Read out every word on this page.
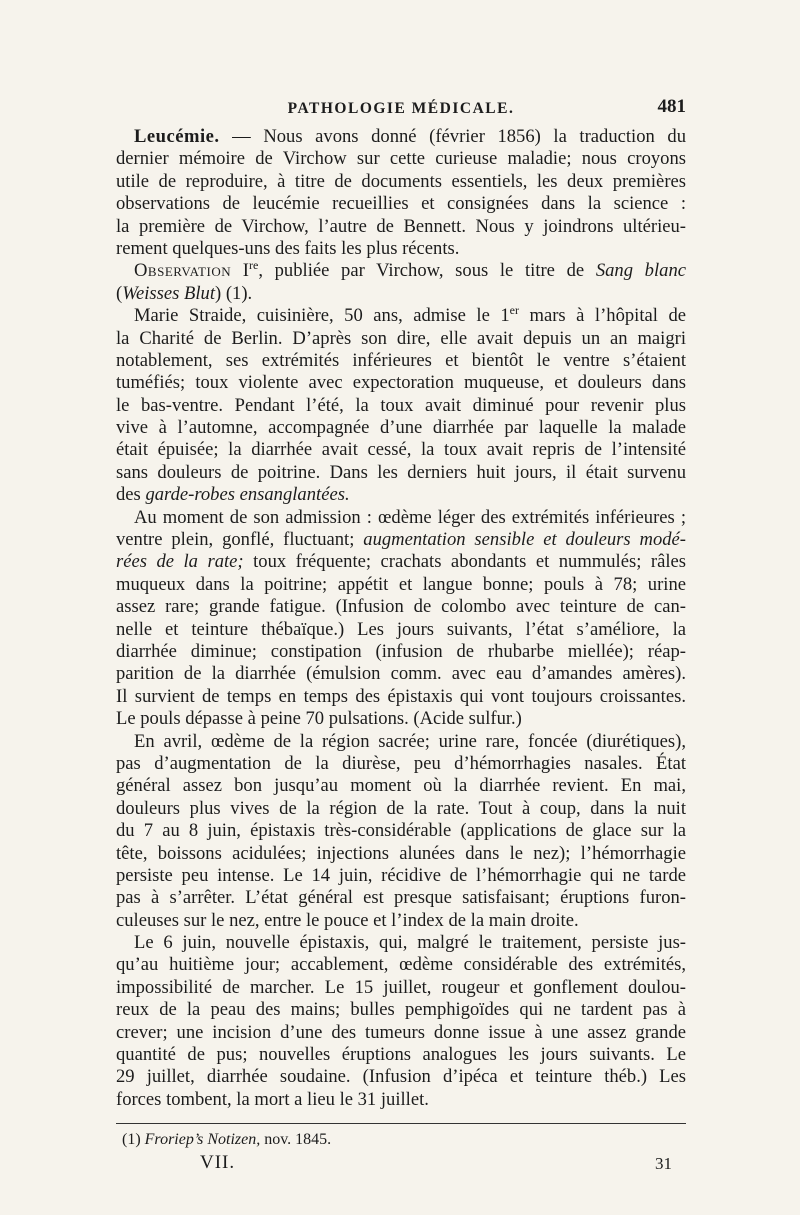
PATHOLOGIE MÉDICALE.	481
Leucémie. — Nous avons donné (février 1856) la traduction du
dernier mémoire de Virchow sur cette curieuse maladie; nous croyons
utile de reproduire, à titre de documents essentiels, les deux premières
observations de leucémie recueillies et consignées dans la science :
la première de Virchow, l’autre de Bennett. Nous y joindrons ultérieu-
rement quelques-uns des faits les plus récents.
Observation Ire, publiée par Virchow, sous le titre de Sang blanc
(Weisses Blut) (1).
Marie Straide, cuisinière, 50 ans, admise le 1er mars à l’hôpital de
la Charité de Berlin. D’après son dire, elle avait depuis un an maigri
notablement, ses extrémités inférieures et bientôt le ventre s’étaient
tuméfiés; toux violente avec expectoration muqueuse, et douleurs dans
le bas-ventre. Pendant l’été, la toux avait diminué pour revenir plus
vive à l’automne, accompagnée d’une diarrhée par laquelle la malade
était épuisée; la diarrhée avait cessé, la toux avait repris de l’intensité
sans douleurs de poitrine. Dans les derniers huit jours, il était survenu
des garde-robes ensanglantées.
Au moment de son admission : œdème léger des extrémités inférieures ;
ventre plein, gonflé, fluctuant; augmentation sensible et douleurs modé-
rées de la rate; toux fréquente; crachats abondants et nummulés; râles
muqueux dans la poitrine; appétit et langue bonne; pouls à 78; urine
assez rare; grande fatigue. (Infusion de colombo avec teinture de can-
nelle et teinture thébaïque.) Les jours suivants, l’état s’améliore, la
diarrhée diminue; constipation (infusion de rhubarbe miellée); réap-
parition de la diarrhée (émulsion comm. avec eau d’amandes amères).
Il survient de temps en temps des épistaxis qui vont toujours croissantes.
Le pouls dépasse à peine 70 pulsations. (Acide sulfur.)
En avril, œdème de la région sacrée; urine rare, foncée (diurétiques),
pas d’augmentation de la diurèse, peu d’hémorrhagies nasales. État
général assez bon jusqu’au moment où la diarrhée revient. En mai,
douleurs plus vives de la région de la rate. Tout à coup, dans la nuit
du 7 au 8 juin, épistaxis très-considérable (applications de glace sur la
tête, boissons acidulées; injections alunées dans le nez); l’hémorrhagie
persiste peu intense. Le 14 juin, récidive de l’hémorrhagie qui ne tarde
pas à s’arrêter. L’état général est presque satisfaisant; éruptions furon-
culeuses sur le nez, entre le pouce et l’index de la main droite.
Le 6 juin, nouvelle épistaxis, qui, malgré le traitement, persiste jus-
qu’au huitième jour; accablement, œdème considérable des extrémités,
impossibilité de marcher. Le 15 juillet, rougeur et gonflement doulou-
reux de la peau des mains; bulles pemphigoïdes qui ne tardent pas à
crever; une incision d’une des tumeurs donne issue à une assez grande
quantité de pus; nouvelles éruptions analogues les jours suivants. Le
29 juillet, diarrhée soudaine. (Infusion d’ipéca et teinture théb.) Les
forces tombent, la mort a lieu le 31 juillet.
(1) Froriep’s Notizen, nov. 1845.
VII.	31
